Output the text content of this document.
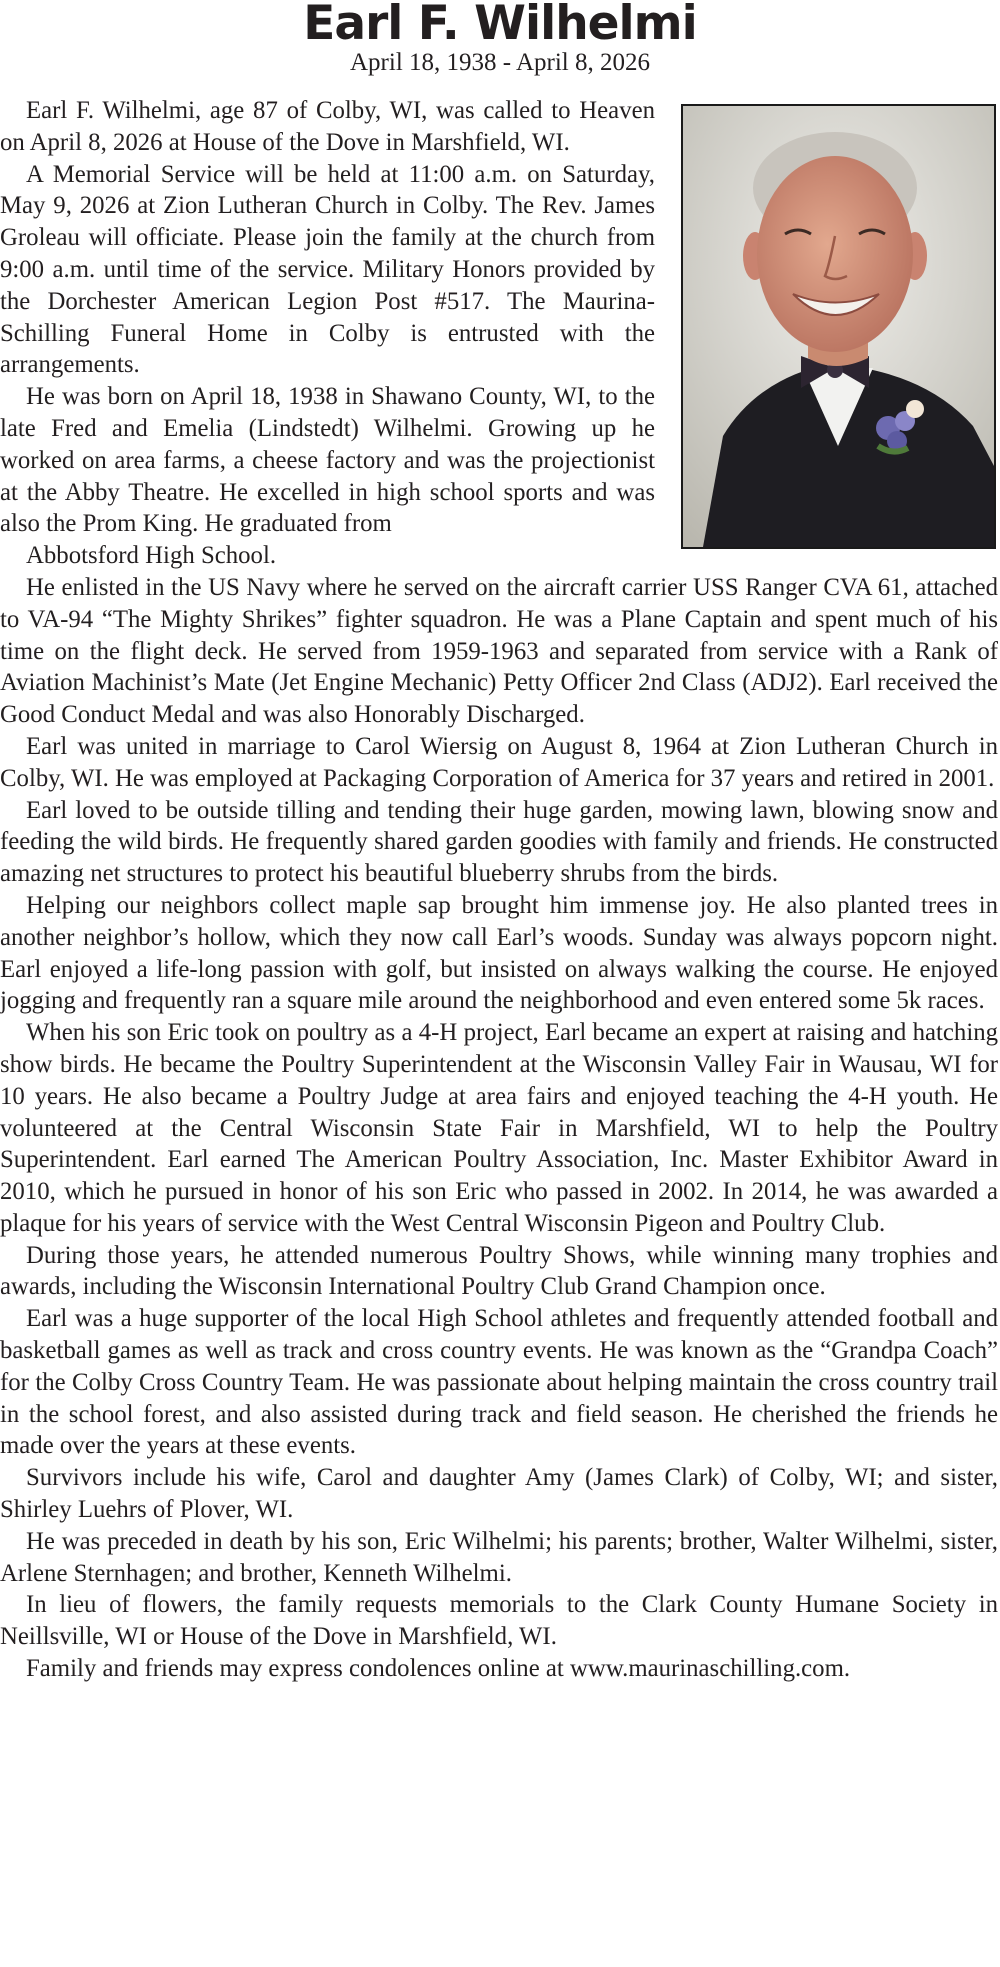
Earl F. Wilhelmi
April 18, 1938 - April 8, 2026

Earl F. Wilhelmi, age 87 of Colby, WI, was called to Heaven on April 8, 2026 at House of the Dove in Marshfield, WI.

A Memorial Service will be held at 11:00 a.m. on Saturday, May 9, 2026 at Zion Lutheran Church in Colby. The Rev. James Groleau will officiate. Please join the family at the church from 9:00 a.m. until time of the service. Military Honors provided by the Dorchester American Legion Post #517. The Maurina-Schilling Funeral Home in Colby is entrusted with the arrangements.

He was born on April 18, 1938 in Shawano County, WI, to the late Fred and Emelia (Lindstedt) Wilhelmi. Growing up he worked on area farms, a cheese factory and was the projectionist at the Abby Theatre. He excelled in high school sports and was also the Prom King. He graduated from

Abbotsford High School.

He enlisted in the US Navy where he served on the aircraft carrier USS Ranger CVA 61, attached to VA-94 “The Mighty Shrikes” fighter squadron. He was a Plane Captain and spent much of his time on the flight deck. He served from 1959-1963 and separated from service with a Rank of Aviation Machinist’s Mate (Jet Engine Mechanic) Petty Officer 2nd Class (ADJ2). Earl received the Good Conduct Medal and was also Honorably Discharged.

Earl was united in marriage to Carol Wiersig on August 8, 1964 at Zion Lutheran Church in Colby, WI. He was employed at Packaging Corporation of America for 37 years and retired in 2001.

Earl loved to be outside tilling and tending their huge garden, mowing lawn, blowing snow and feeding the wild birds. He frequently shared garden goodies with family and friends. He constructed amazing net structures to protect his beautiful blueberry shrubs from the birds.

Helping our neighbors collect maple sap brought him immense joy. He also planted trees in another neighbor’s hollow, which they now call Earl’s woods. Sunday was always popcorn night. Earl enjoyed a life-long passion with golf, but insisted on always walking the course. He enjoyed jogging and frequently ran a square mile around the neighborhood and even entered some 5k races.

When his son Eric took on poultry as a 4-H project, Earl became an expert at raising and hatching show birds. He became the Poultry Superintendent at the Wisconsin Valley Fair in Wausau, WI for 10 years. He also became a Poultry Judge at area fairs and enjoyed teaching the 4-H youth. He volunteered at the Central Wisconsin State Fair in Marshfield, WI to help the Poultry Superintendent. Earl earned The American Poultry Association, Inc. Master Exhibitor Award in 2010, which he pursued in honor of his son Eric who passed in 2002. In 2014, he was awarded a plaque for his years of service with the West Central Wisconsin Pigeon and Poultry Club.

During those years, he attended numerous Poultry Shows, while winning many trophies and awards, including the Wisconsin International Poultry Club Grand Champion once.

Earl was a huge supporter of the local High School athletes and frequently attended football and basketball games as well as track and cross country events. He was known as the “Grandpa Coach” for the Colby Cross Country Team. He was passionate about helping maintain the cross country trail in the school forest, and also assisted during track and field season. He cherished the friends he made over the years at these events.

Survivors include his wife, Carol and daughter Amy (James Clark) of Colby, WI; and sister, Shirley Luehrs of Plover, WI.

He was preceded in death by his son, Eric Wilhelmi; his parents; brother, Walter Wilhelmi, sister, Arlene Sternhagen; and brother, Kenneth Wilhelmi.

In lieu of flowers, the family requests memorials to the Clark County Humane Society in Neillsville, WI or House of the Dove in Marshfield, WI.

Family and friends may express condolences online at www.maurinaschilling.com.
